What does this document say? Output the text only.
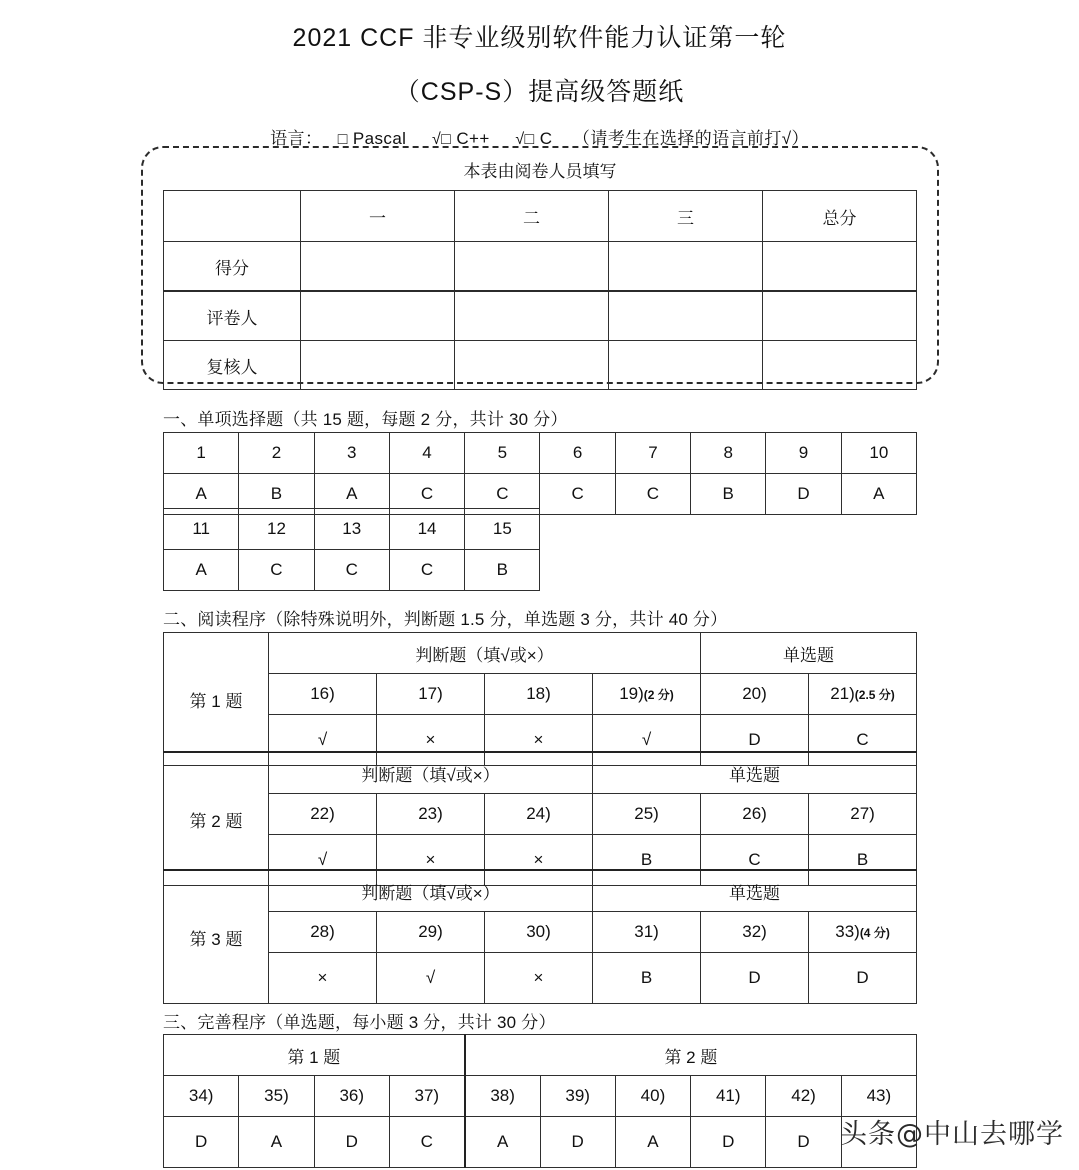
2021 CCF 非专业级别软件能力认证第一轮
（CSP-S）提高级答题纸
语言： □ Pascal √□ C++ √□ C （请考生在选择的语言前打√）
本表由阅卷人员填写
	一	二	三	总分
得分				
评卷人				
复核人				
一、单项选择题（共 15 题，每题 2 分，共计 30 分）
1	2	3	4	5	6	7	8	9	10
A	B	A	C	C	C	C	B	D	A
11	12	13	14	15
A	C	C	C	B
二、阅读程序（除特殊说明外，判断题 1.5 分，单选题 3 分，共计 40 分）
第 1 题	判断题（填√或×）				单选题	
	16)	17)	18)	19)(2 分)	20)	21)(2.5 分)
	√	×	×	√	D	C
第 2 题	判断题（填√或×）			单选题		
	22)	23)	24)	25)	26)	27)
	√	×	×	B	C	B
第 3 题	判断题（填√或×）			单选题		
	28)	29)	30)	31)	32)	33)(4 分)
	×	√	×	B	D	D
三、完善程序（单选题，每小题 3 分，共计 30 分）
第 1 题				第 2 题					
34)	35)	36)	37)	38)	39)	40)	41)	42)	43)
D	A	D	C	A	D	A	D	D	头条@中山去哪学
